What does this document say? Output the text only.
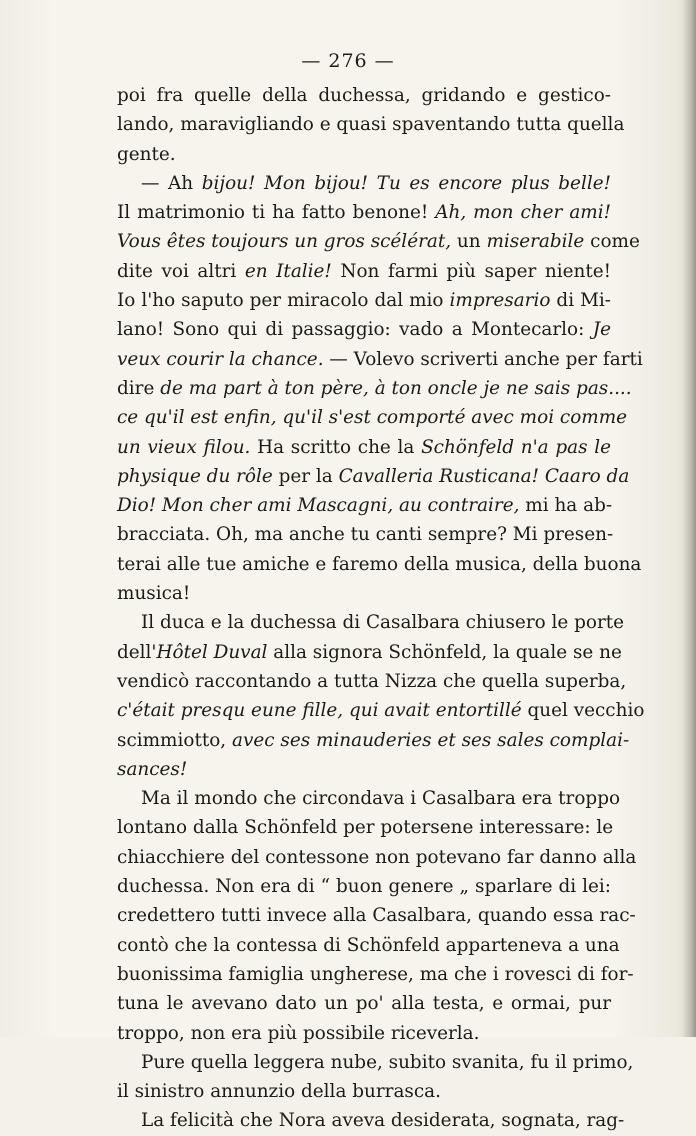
— 276 —
poi fra quelle della duchessa, gridando e gestico-
lando, maravigliando e quasi spaventando tutta quella
gente.
— Ah bijou! Mon bijou! Tu es encore plus belle!
Il matrimonio ti ha fatto benone! Ah, mon cher ami!
Vous êtes toujours un gros scélérat, un miserabile come
dite voi altri en Italie! Non farmi più saper niente!
Io l'ho saputo per miracolo dal mio impresario di Mi-
lano! Sono qui di passaggio: vado a Montecarlo: Je
veux courir la chance. — Volevo scriverti anche per farti
dire de ma part à ton père, à ton oncle je ne sais pas....
ce qu'il est enfin, qu'il s'est comporté avec moi comme
un vieux filou. Ha scritto che la Schönfeld n'a pas le
physique du rôle per la Cavalleria Rusticana! Caaro da
Dio! Mon cher ami Mascagni, au contraire, mi ha ab-
bracciata. Oh, ma anche tu canti sempre? Mi presen-
terai alle tue amiche e faremo della musica, della buona
musica!
Il duca e la duchessa di Casalbara chiusero le porte
dell'Hôtel Duval alla signora Schönfeld, la quale se ne
vendicò raccontando a tutta Nizza che quella superba,
c'était presqu eune fille, qui avait entortillé quel vecchio
scimmiotto, avec ses minauderies et ses sales complai-
sances!
Ma il mondo che circondava i Casalbara era troppo
lontano dalla Schönfeld per potersene interessare: le
chiacchiere del contessone non potevano far danno alla
duchessa. Non era di “ buon genere „ sparlare di lei:
credettero tutti invece alla Casalbara, quando essa rac-
contò che la contessa di Schönfeld apparteneva a una
buonissima famiglia ungherese, ma che i rovesci di for-
tuna le avevano dato un po' alla testa, e ormai, pur
troppo, non era più possibile riceverla.
Pure quella leggera nube, subito svanita, fu il primo,
il sinistro annunzio della burrasca.
La felicità che Nora aveva desiderata, sognata, rag-
